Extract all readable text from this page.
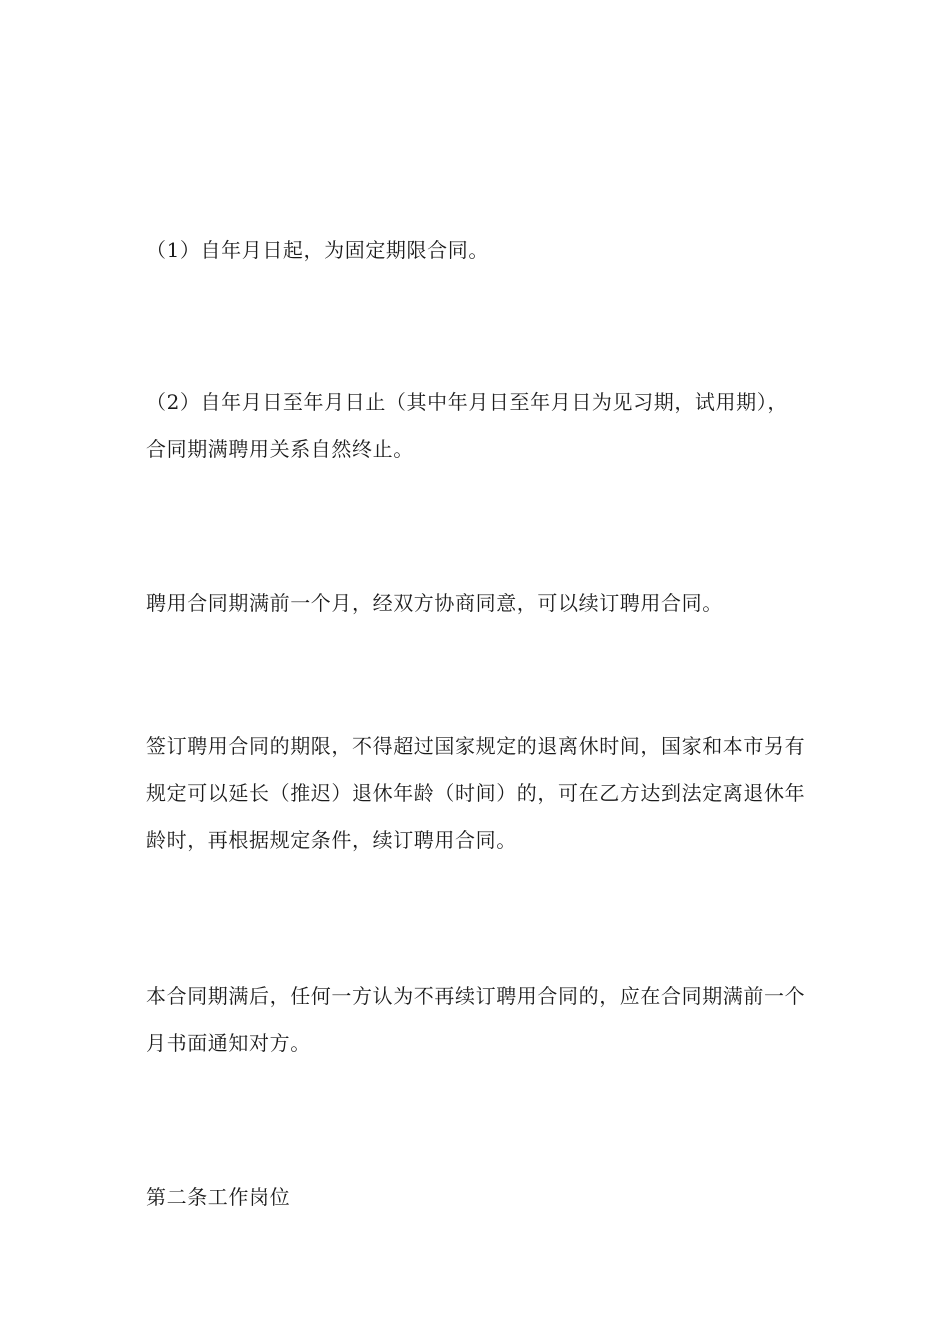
（1）自年月日起，为固定期限合同。

（2）自年月日至年月日止（其中年月日至年月日为见习期，试用期），合同期满聘用关系自然终止。

聘用合同期满前一个月，经双方协商同意，可以续订聘用合同。

签订聘用合同的期限，不得超过国家规定的退离休时间，国家和本市另有规定可以延长（推迟）退休年龄（时间）的，可在乙方达到法定离退休年龄时，再根据规定条件，续订聘用合同。

本合同期满后，任何一方认为不再续订聘用合同的，应在合同期满前一个月书面通知对方。

第二条工作岗位
